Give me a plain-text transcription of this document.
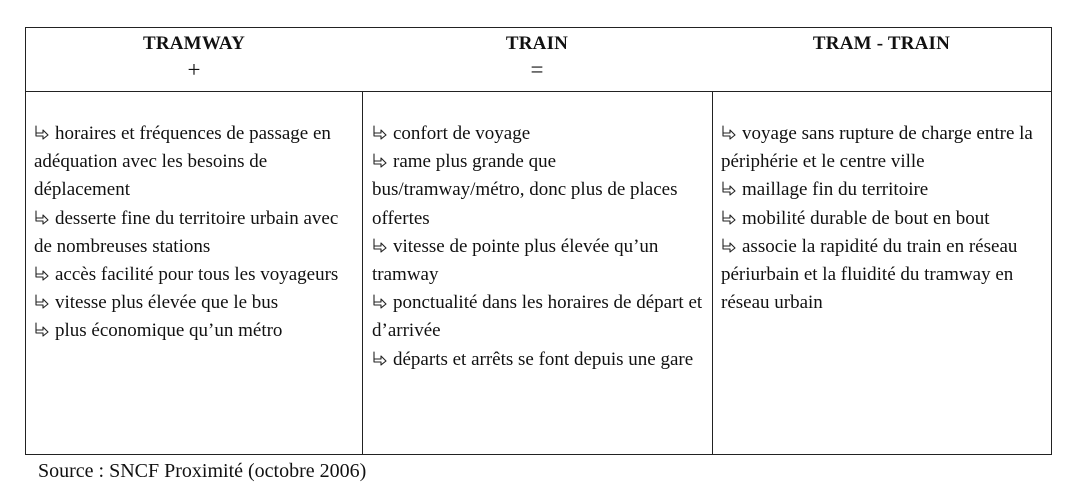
TRAMWAY
+
TRAIN
=
TRAM - TRAIN
horaires et fréquences de passage en adéquation avec les besoins de déplacement
desserte fine du territoire urbain avec de nombreuses stations
accès facilité pour tous les voyageurs
vitesse plus élevée que le bus
plus économique qu’un métro
confort de voyage
rame plus grande que bus/tramway/métro, donc plus de places offertes
vitesse de pointe plus élevée qu’un tramway
ponctualité dans les horaires de départ et d’arrivée
départs et arrêts se font depuis une gare
voyage sans rupture de charge entre la périphérie et le centre ville
maillage fin du territoire
mobilité durable de bout en bout
associe la rapidité du train en réseau périurbain et la fluidité du tramway en réseau urbain
Source : SNCF Proximité (octobre 2006)
